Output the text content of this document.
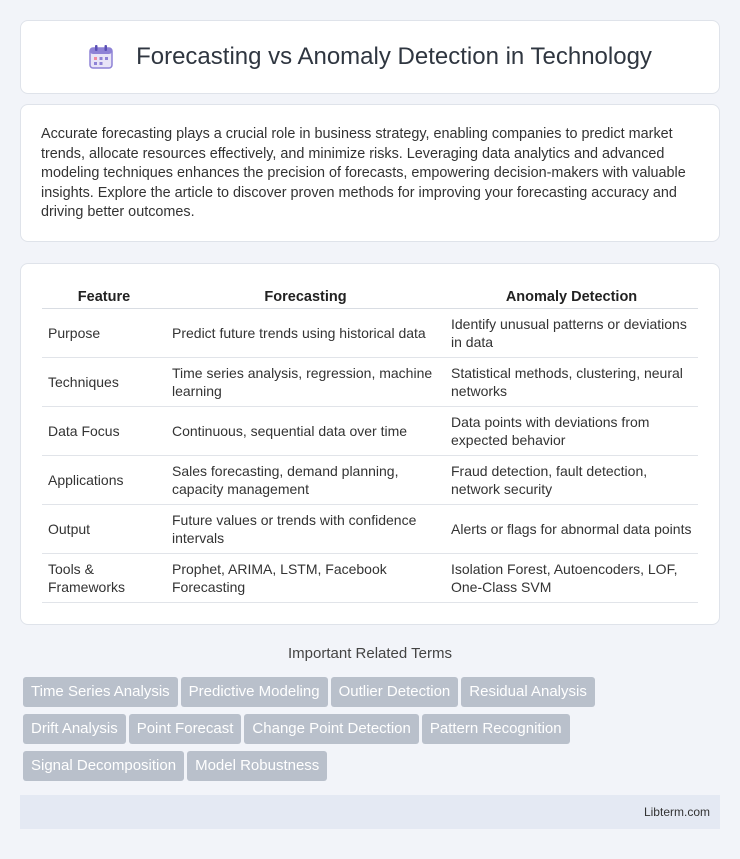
Forecasting vs Anomaly Detection in Technology

Accurate forecasting plays a crucial role in business strategy, enabling companies to predict market trends, allocate resources effectively, and minimize risks. Leveraging data analytics and advanced modeling techniques enhances the precision of forecasts, empowering decision-makers with valuable insights. Explore the article to discover proven methods for improving your forecasting accuracy and driving better outcomes.

Feature	Forecasting	Anomaly Detection
Purpose	Predict future trends using historical data	Identify unusual patterns or deviations in data
Techniques	Time series analysis, regression, machine learning	Statistical methods, clustering, neural networks
Data Focus	Continuous, sequential data over time	Data points with deviations from expected behavior
Applications	Sales forecasting, demand planning, capacity management	Fraud detection, fault detection, network security
Output	Future values or trends with confidence intervals	Alerts or flags for abnormal data points
Tools & Frameworks	Prophet, ARIMA, LSTM, Facebook Forecasting	Isolation Forest, Autoencoders, LOF, One-Class SVM
Important Related Terms
Time Series Analysis Predictive Modeling Outlier Detection Residual Analysis
Drift Analysis Point Forecast Change Point Detection Pattern Recognition
Signal Decomposition Model Robustness
Libterm.com
